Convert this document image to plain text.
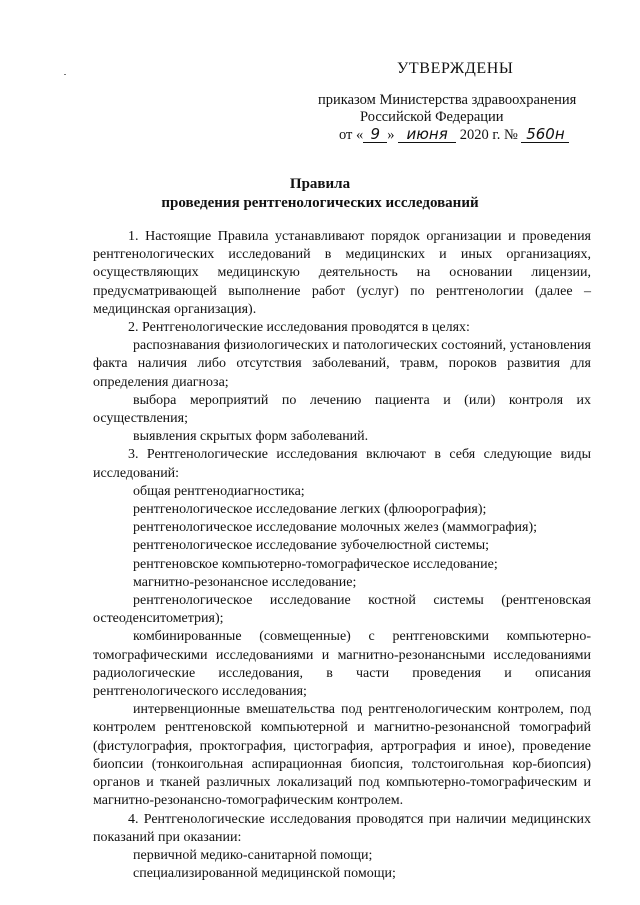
УТВЕРЖДЕНЫ
приказом Министерства здравоохранения
Российской Федерации
от « 9 » июня 2020 г. № 560н
Правила
проведения рентгенологических исследований

1. Настоящие Правила устанавливают порядок организации и проведения рентгенологических исследований в медицинских и иных организациях, осуществляющих медицинскую деятельность на основании лицензии, предусматривающей выполнение работ (услуг) по рентгенологии (далее – медицинская организация).

2. Рентгенологические исследования проводятся в целях:

распознавания физиологических и патологических состояний, установления факта наличия либо отсутствия заболеваний, травм, пороков развития для определения диагноза;

выбора мероприятий по лечению пациента и (или) контроля их осуществления;

выявления скрытых форм заболеваний.

3. Рентгенологические исследования включают в себя следующие виды исследований:

общая рентгенодиагностика;

рентгенологическое исследование легких (флюорография);

рентгенологическое исследование молочных желез (маммография);

рентгенологическое исследование зубочелюстной системы;

рентгеновское компьютерно-томографическое исследование;

магнитно-резонансное исследование;

рентгенологическое исследование костной системы (рентгеновская остеоденситометрия);

комбинированные (совмещенные) с рентгеновскими компьютерно-томографическими исследованиями и магнитно-резонансными исследованиями радиологические исследования, в части проведения и описания рентгенологического исследования;

интервенционные вмешательства под рентгенологическим контролем, под контролем рентгеновской компьютерной и магнитно-резонансной томографий (фистулография, проктография, цистография, артрография и иное), проведение биопсии (тонкоигольная аспирационная биопсия, толстоигольная кор-биопсия) органов и тканей различных локализаций под компьютерно-томографическим и магнитно-резонансно-томографическим контролем.

4. Рентгенологические исследования проводятся при наличии медицинских показаний при оказании:

первичной медико-санитарной помощи;

специализированной медицинской помощи;
